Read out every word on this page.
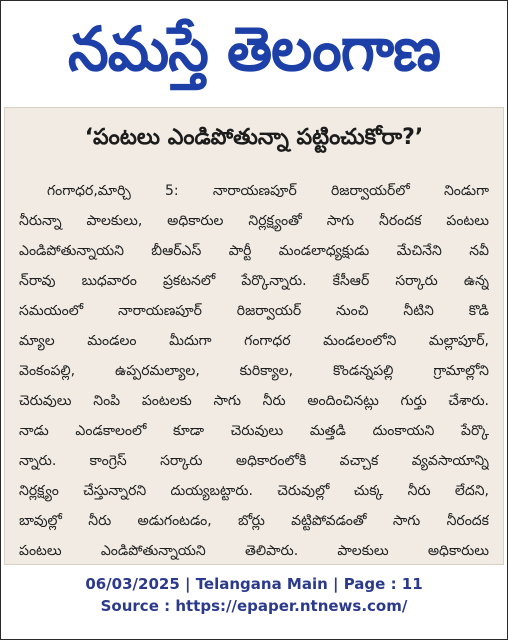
నమస్తే తెలంగాణ
‘పంటలు ఎండిపోతున్నా పట్టించుకోరా?’
గంగాధర,మార్చి 5: నారాయణపూర్ రిజర్వాయర్‌లో నిండుగా
నీరున్నా పాలకులు, అధికారుల నిర్లక్ష్యంతో సాగు నీరందక పంటలు
ఎండిపోతున్నాయని బీఆర్ఎస్ పార్టీ మండలాధ్యక్షుడు మేచినేని నవీ
న్‌రావు బుధవారం ప్రకటనలో పేర్కొన్నారు. కేసీఆర్ సర్కారు ఉన్న
సమయంలో నారాయణపూర్ రిజర్వాయర్ నుంచి నీటిని కొడి
మ్యాల మండలం మీదుగా గంగాధర మండలంలోని మల్లాపూర్,
వెంకంపల్లి, ఉప్పరమల్యాల, కురిక్యాల, కొండన్నపల్లి గ్రామాల్లోని
చెరువులు నింపి పంటలకు సాగు నీరు అందించినట్లు గుర్తు చేశారు.
నాడు ఎండకాలంలో కూడా చెరువులు మత్తడి దుంకాయని పేర్కొ
న్నారు. కాంగ్రెస్ సర్కారు అధికారంలోకి వచ్చాక వ్యవసాయాన్ని
నిర్లక్ష్యం చేస్తున్నారని దుయ్యబట్టారు. చెరువుల్లో చుక్క నీరు లేదని,
బావుల్లో నీరు అడుగంటడం, బోర్లు వట్టిపోవడంతో సాగు నీరందక
పంటలు ఎండిపోతున్నాయని తెలిపారు. పాలకులు అధికారులు
06/03/2025 | Telangana Main | Page : 11
Source : https://epaper.ntnews.com/
